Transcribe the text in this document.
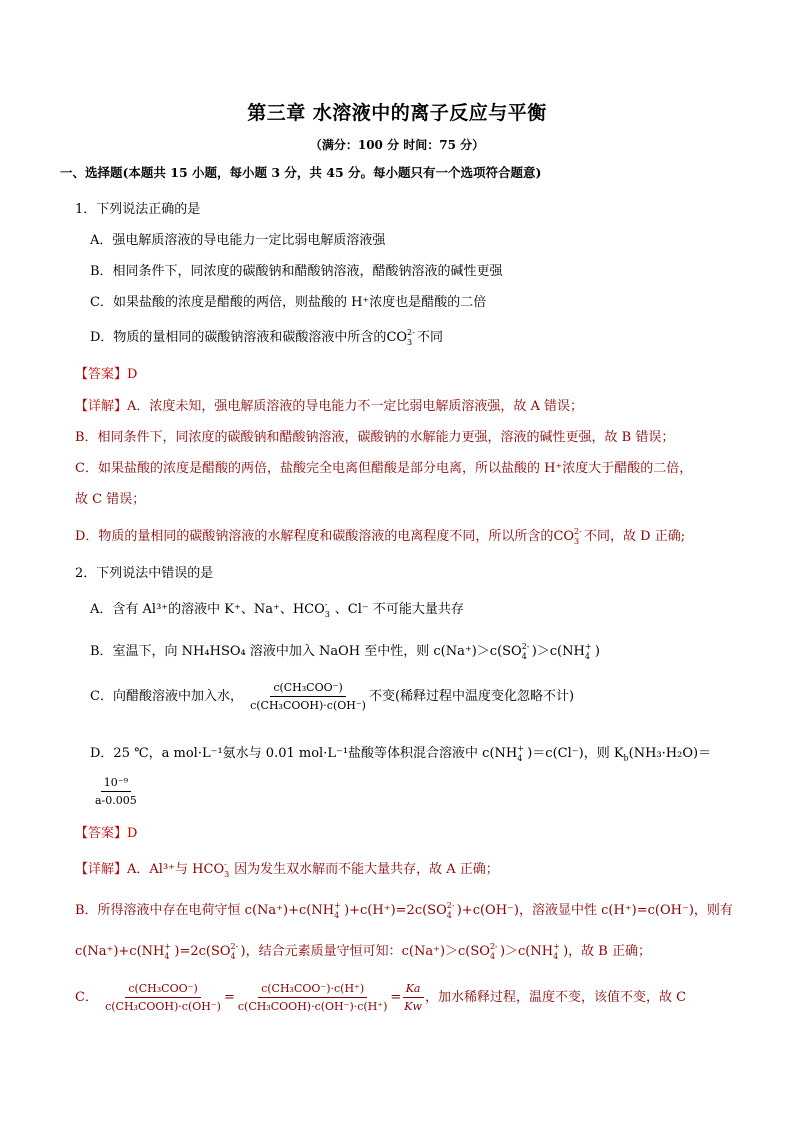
第三章 水溶液中的离子反应与平衡
（满分：100 分 时间：75 分）
一、选择题(本题共 15 小题，每小题 3 分，共 45 分。每小题只有一个选项符合题意)
1．下列说法正确的是
A．强电解质溶液的导电能力一定比弱电解质溶液强
B．相同条件下，同浓度的碳酸钠和醋酸钠溶液，醋酸钠溶液的碱性更强
C．如果盐酸的浓度是醋酸的两倍，则盐酸的 H⁺浓度也是醋酸的二倍
D．物质的量相同的碳酸钠溶液和碳酸溶液中所含的CO 2-
3 不同
【答案】D
【详解】A．浓度未知，强电解质溶液的导电能力不一定比弱电解质溶液强，故 A 错误；
B．相同条件下，同浓度的碳酸钠和醋酸钠溶液，碳酸钠的水解能力更强，溶液的碱性更强，故 B 错误；
C．如果盐酸的浓度是醋酸的两倍，盐酸完全电离但醋酸是部分电离，所以盐酸的 H⁺浓度大于醋酸的二倍，
故 C 错误；
D．物质的量相同的碳酸钠溶液的水解程度和碳酸溶液的电离程度不同，所以所含的CO 2-
3 不同，故 D 正确;
2．下列说法中错误的是
A．含有 Al³⁺的溶液中 K⁺、Na⁺、HCO -
3 、Cl⁻ 不可能大量共存
B．室温下，向 NH₄HSO₄ 溶液中加入 NaOH 至中性，则 c(Na⁺)＞c(SO 2-
4 )＞c(NH +
4 )
C．向醋酸溶液中加入水， $\frac{\text{c(CH₃COO⁻)}}{\text{c(CH₃COOH)·c(OH⁻)}}$ 不变(稀释过程中温度变化忽略不计)
D．25 ℃，a mol·L⁻¹氨水与 0.01 mol·L⁻¹盐酸等体积混合溶液中 c(NH +
4 )＝c(Cl⁻)，则 $K_b(NH_3\cdot H_2O)=$
$\frac{\text{10⁻⁹}}{a-0.005}$
【答案】D
【详解】A．Al³⁺与 HCO -
3 因为发生双水解而不能大量共存，故 A 正确；
B．所得溶液中存在电荷守恒 c(Na⁺)+c(NH +
4 )+c(H⁺)=2c(SO 2-
4 )+c(OH⁻)，溶液显中性 c(H⁺)=c(OH⁻)，则有
c(Na⁺)+c(NH +
4 )=2c(SO 2-
4 )，结合元素质量守恒可知：c(Na⁺)＞c(SO 2-
4 )＞c(NH +
4 )，故 B 正确；
C． $\frac{\text{c(CH₃COO⁻)}}{\text{c(CH₃COOH)·c(OH⁻)}} = \frac{\text{c(CH₃COO⁻)·c(H⁺)}}{\text{c(CH₃COOH)·c(OH⁻)·c(H⁺)}} = \frac{Ka}{Kw}$ ，加水稀释过程，温度不变，该值不变，故 C
